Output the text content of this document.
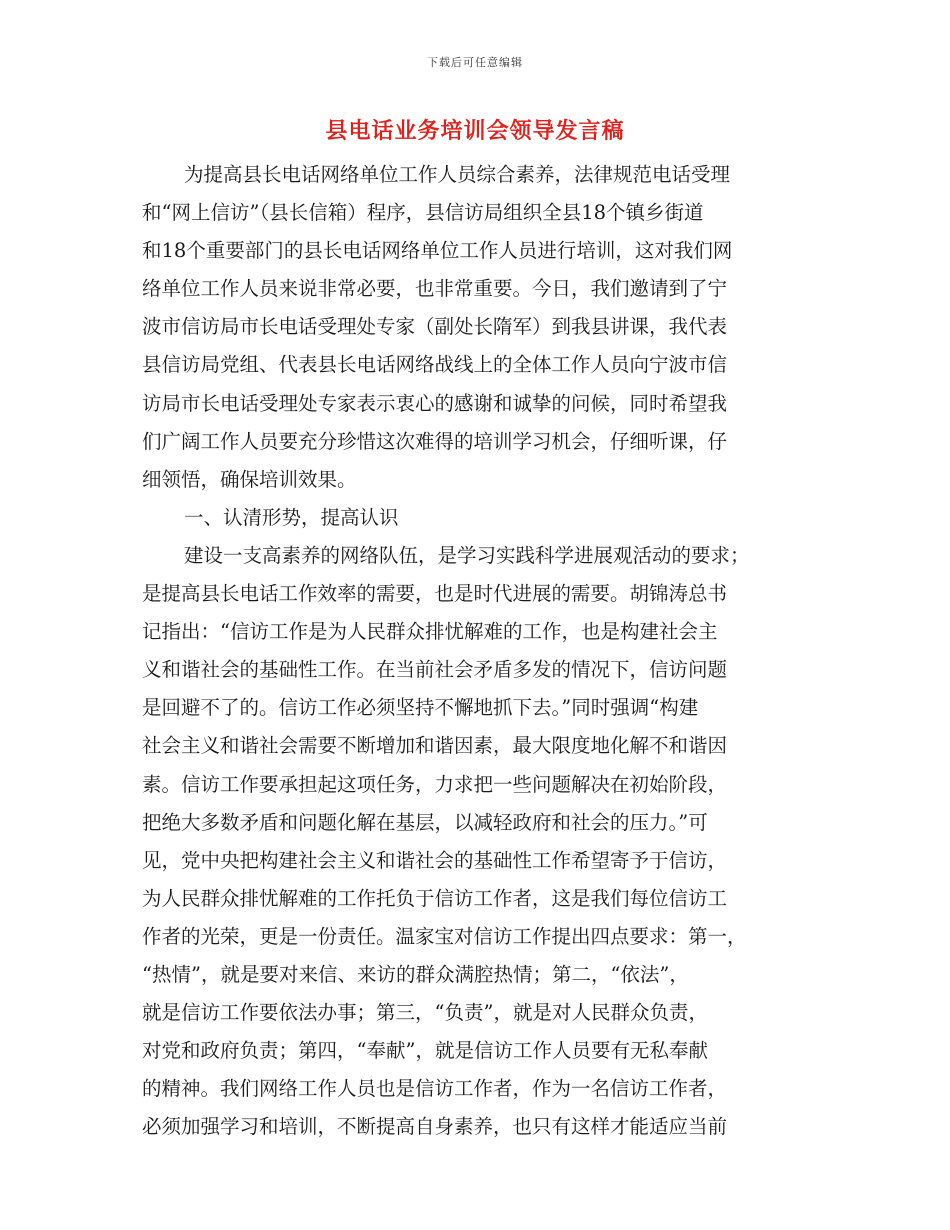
下载后可任意编辑
县电话业务培训会领导发言稿
为提高县长电话网络单位工作人员综合素养，法律规范电话受理
和“网上信访”（县长信箱）程序，县信访局组织全县18个镇乡街道
和18个重要部门的县长电话网络单位工作人员进行培训，这对我们网
络单位工作人员来说非常必要，也非常重要。今日，我们邀请到了宁
波市信访局市长电话受理处专家（副处长隋军）到我县讲课，我代表
县信访局党组、代表县长电话网络战线上的全体工作人员向宁波市信
访局市长电话受理处专家表示衷心的感谢和诚挚的问候，同时希望我
们广阔工作人员要充分珍惜这次难得的培训学习机会，仔细听课，仔
细领悟，确保培训效果。
一、认清形势，提高认识
建设一支高素养的网络队伍，是学习实践科学进展观活动的要求；
是提高县长电话工作效率的需要，也是时代进展的需要。胡锦涛总书
记指出：“信访工作是为人民群众排忧解难的工作，也是构建社会主
义和谐社会的基础性工作。在当前社会矛盾多发的情况下，信访问题
是回避不了的。信访工作必须坚持不懈地抓下去。”同时强调“构建
社会主义和谐社会需要不断增加和谐因素，最大限度地化解不和谐因
素。信访工作要承担起这项任务，力求把一些问题解决在初始阶段，
把绝大多数矛盾和问题化解在基层，以减轻政府和社会的压力。”可
见，党中央把构建社会主义和谐社会的基础性工作希望寄予于信访，
为人民群众排忧解难的工作托负于信访工作者，这是我们每位信访工
作者的光荣，更是一份责任。温家宝对信访工作提出四点要求：第一，
“热情”，就是要对来信、来访的群众满腔热情；第二，“依法”，
就是信访工作要依法办事；第三，“负责”，就是对人民群众负责，
对党和政府负责；第四，“奉献”，就是信访工作人员要有无私奉献
的精神。我们网络工作人员也是信访工作者，作为一名信访工作者，
必须加强学习和培训，不断提高自身素养，也只有这样才能适应当前
